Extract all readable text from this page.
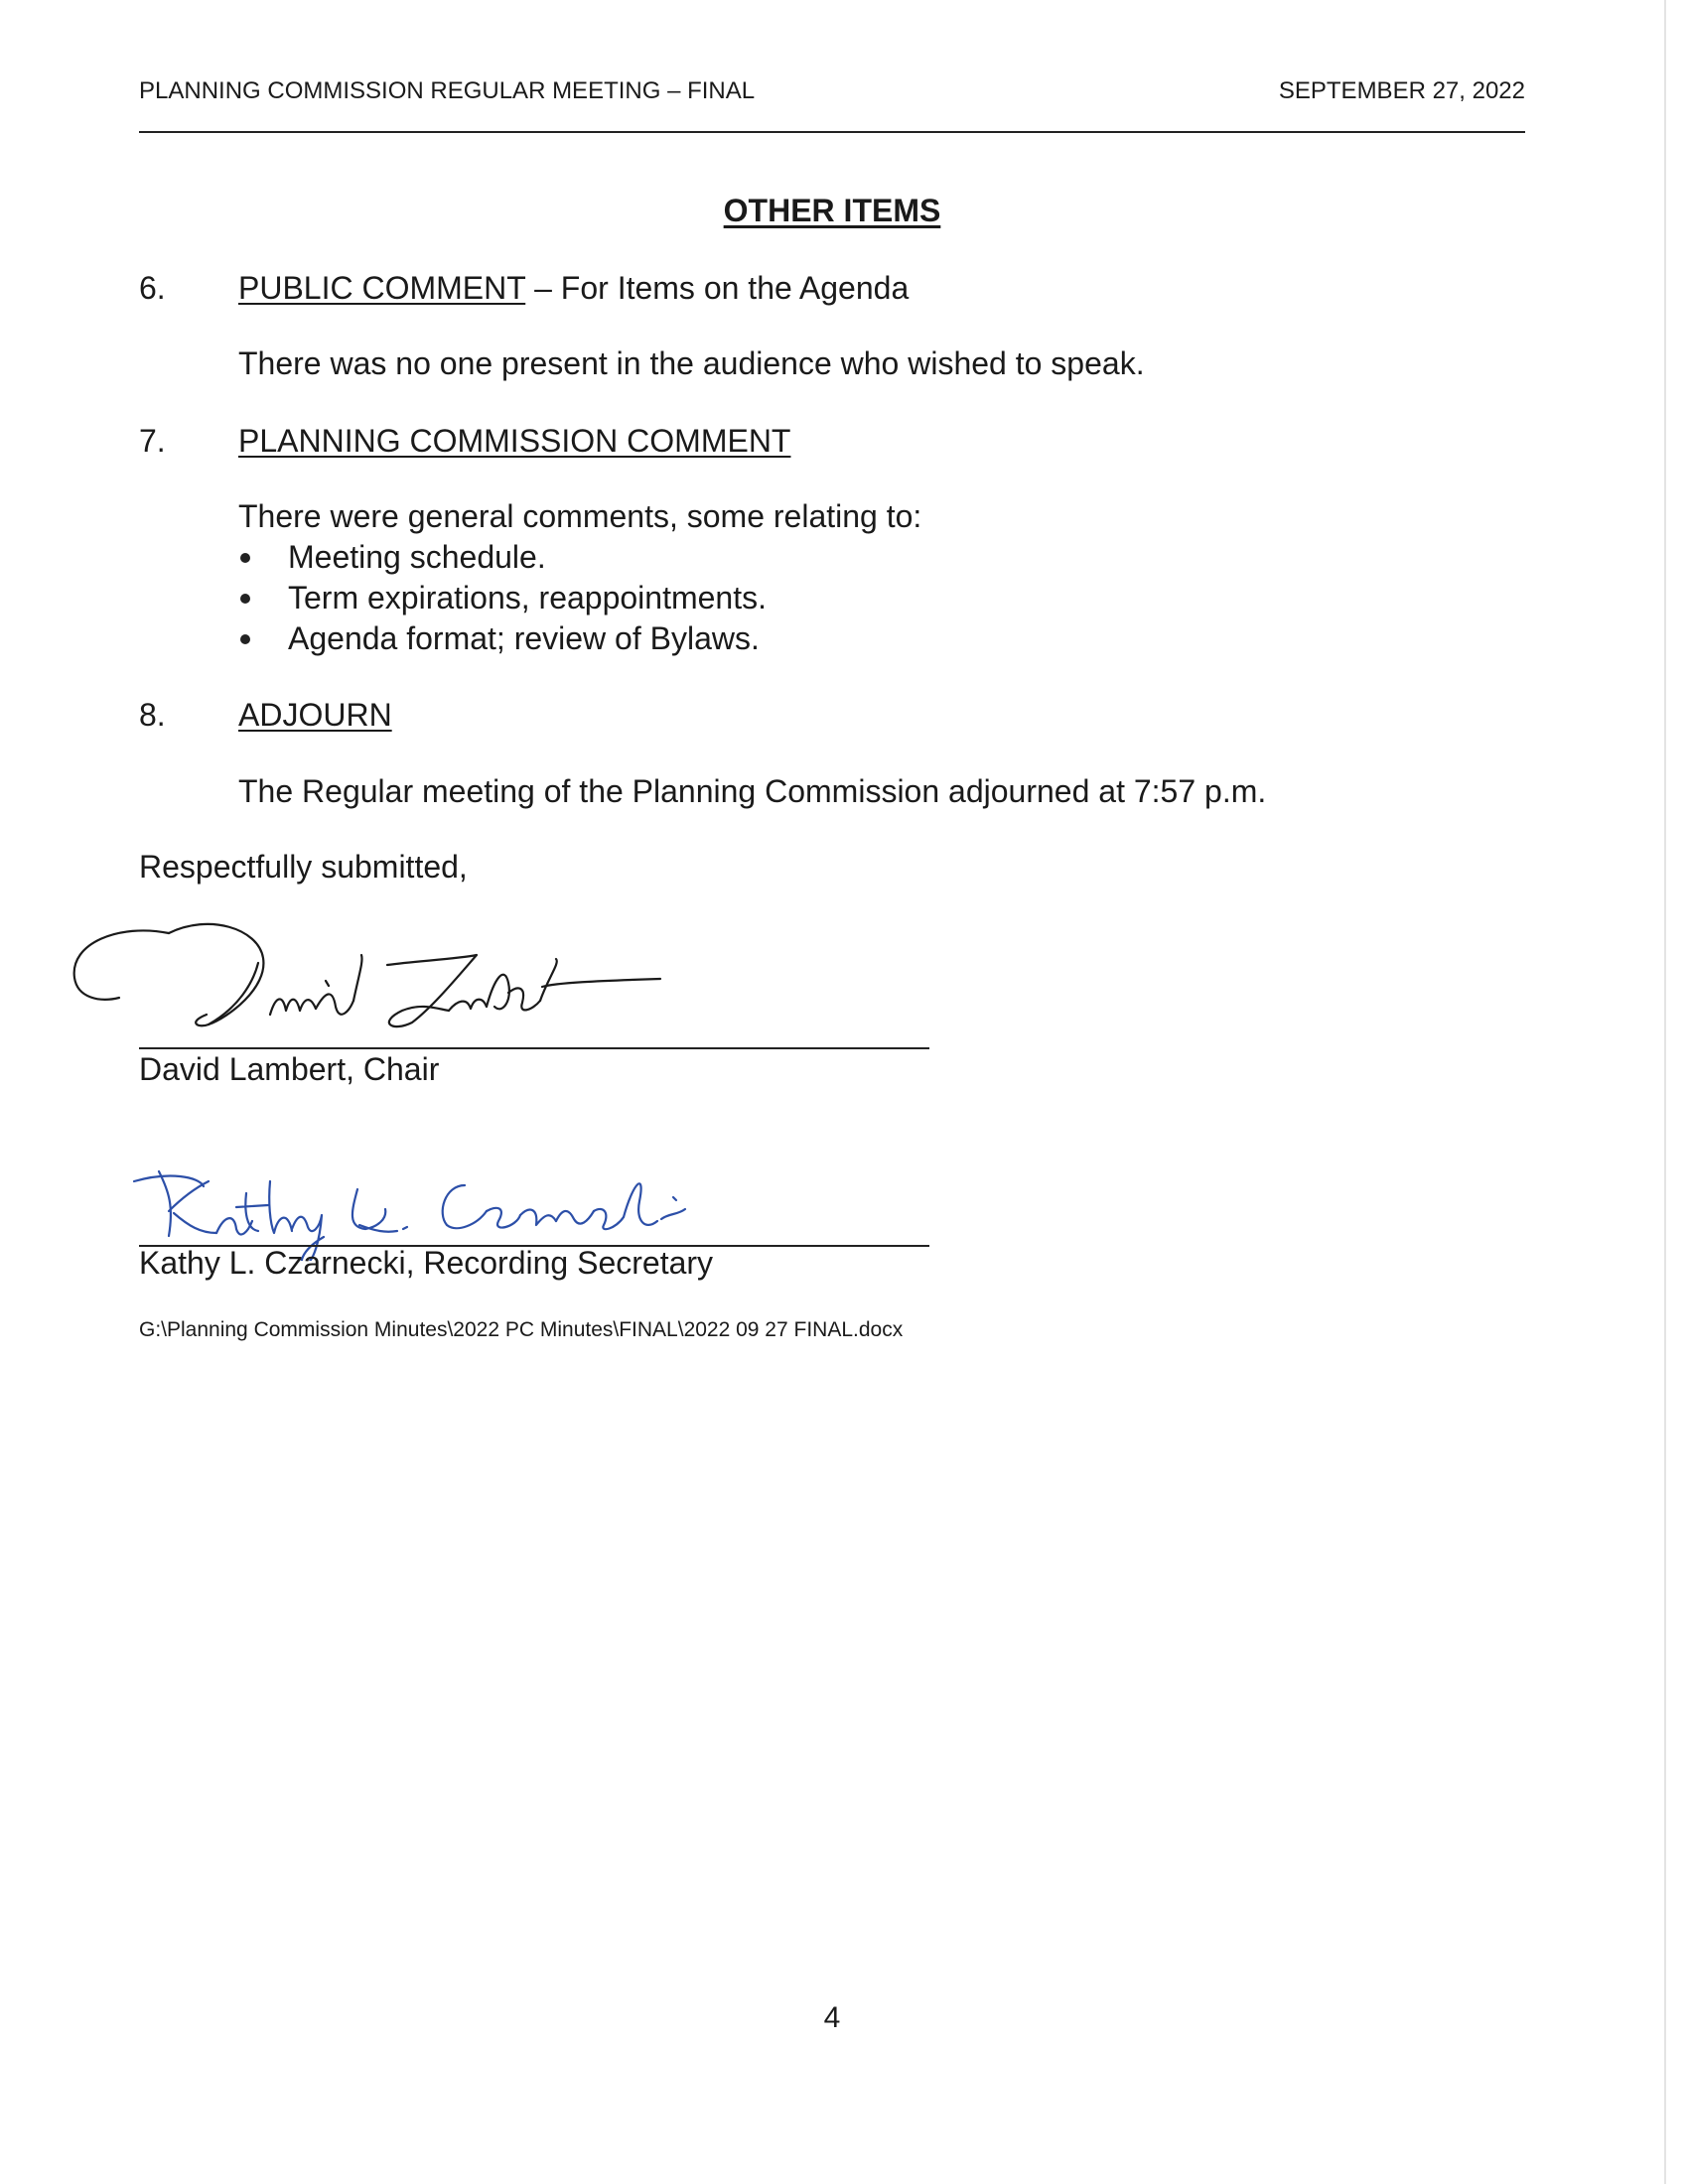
PLANNING COMMISSION REGULAR MEETING – FINAL	SEPTEMBER 27, 2022
OTHER ITEMS
6. PUBLIC COMMENT – For Items on the Agenda
There was no one present in the audience who wished to speak.
7. PLANNING COMMISSION COMMENT
There were general comments, some relating to:
Meeting schedule.
Term expirations, reappointments.
Agenda format; review of Bylaws.
8. ADJOURN
The Regular meeting of the Planning Commission adjourned at 7:57 p.m.
Respectfully submitted,
David Lambert, Chair
Kathy L. Czarnecki, Recording Secretary
G:\Planning Commission Minutes\2022 PC Minutes\FINAL\2022 09 27 FINAL.docx
4
